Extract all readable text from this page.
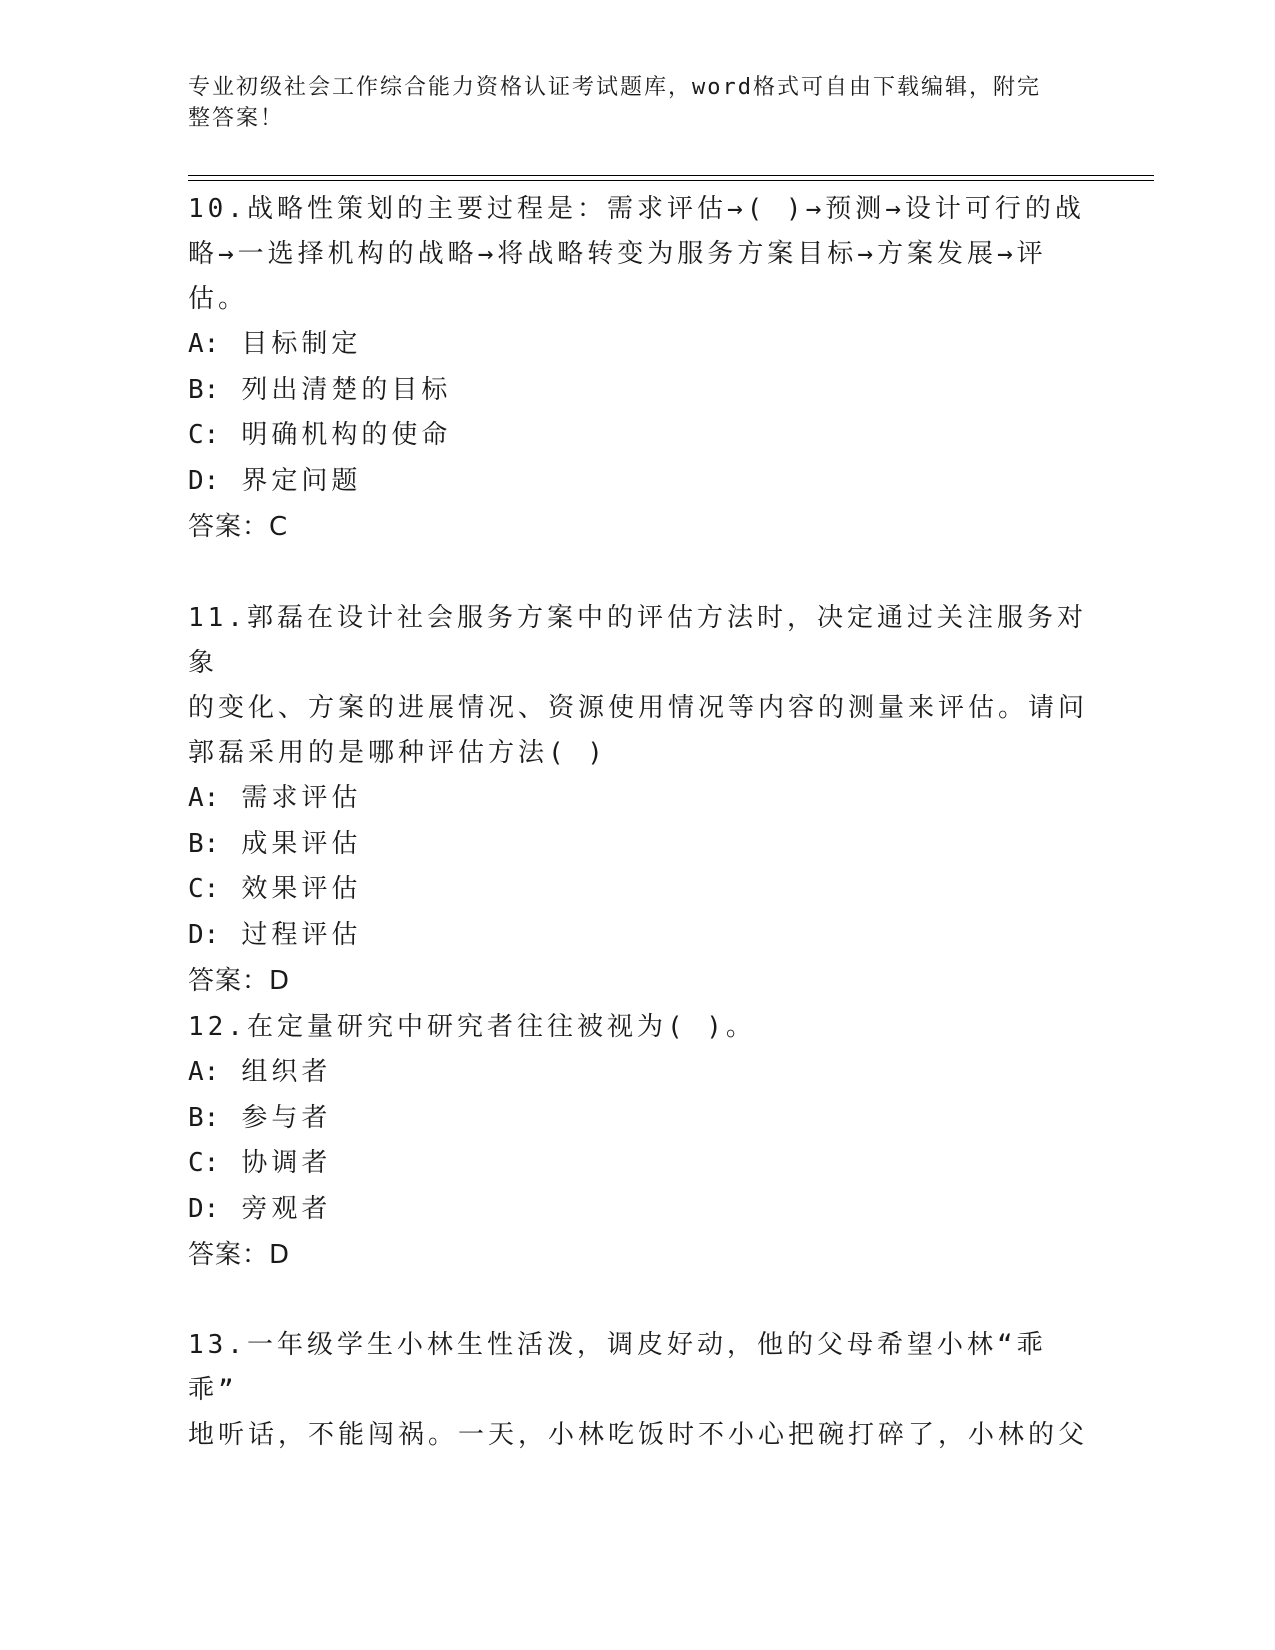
专业初级社会工作综合能力资格认证考试题库，word格式可自由下载编辑，附完
整答案！

10.战略性策划的主要过程是：需求评估→( )→预测→设计可行的战

略→一选择机构的战略→将战略转变为服务方案目标→方案发展→评

估。

A: 目标制定

B: 列出清楚的目标

C: 明确机构的使命

D: 界定问题

答案：C

11.郭磊在设计社会服务方案中的评估方法时，决定通过关注服务对象

的变化、方案的进展情况、资源使用情况等内容的测量来评估。请问

郭磊采用的是哪种评估方法( )

A: 需求评估

B: 成果评估

C: 效果评估

D: 过程评估

答案：D

12.在定量研究中研究者往往被视为( )。

A: 组织者

B: 参与者

C: 协调者

D: 旁观者

答案：D

13.一年级学生小林生性活泼，调皮好动，他的父母希望小林“乖乖”

地听话，不能闯祸。一天，小林吃饭时不小心把碗打碎了，小林的父
